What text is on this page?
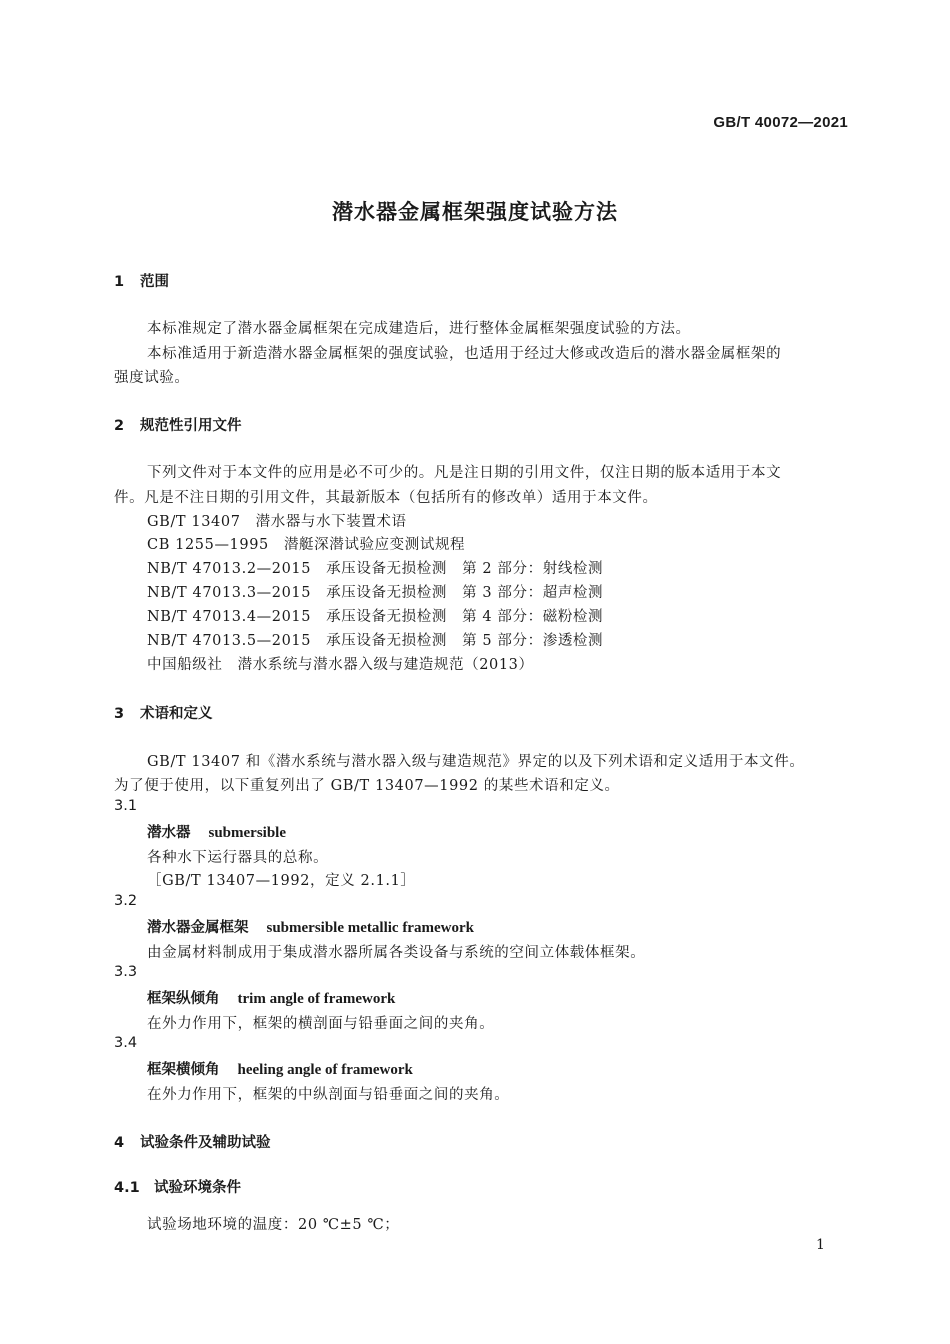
GB/T 40072—2021
潜水器金属框架强度试验方法
1 范围
本标准规定了潜水器金属框架在完成建造后，进行整体金属框架强度试验的方法。
本标准适用于新造潜水器金属框架的强度试验，也适用于经过大修或改造后的潜水器金属框架的
强度试验。
2 规范性引用文件
下列文件对于本文件的应用是必不可少的。凡是注日期的引用文件，仅注日期的版本适用于本文
件。凡是不注日期的引用文件，其最新版本（包括所有的修改单）适用于本文件。
GB/T 13407　潜水器与水下装置术语
CB 1255—1995　潜艇深潜试验应变测试规程
NB/T 47013.2—2015　承压设备无损检测　第 2 部分：射线检测
NB/T 47013.3—2015　承压设备无损检测　第 3 部分：超声检测
NB/T 47013.4—2015　承压设备无损检测　第 4 部分：磁粉检测
NB/T 47013.5—2015　承压设备无损检测　第 5 部分：渗透检测
中国船级社　潜水系统与潜水器入级与建造规范（2013）
3 术语和定义
GB/T 13407 和《潜水系统与潜水器入级与建造规范》界定的以及下列术语和定义适用于本文件。
为了便于使用，以下重复列出了 GB/T 13407—1992 的某些术语和定义。
3.1
潜水器 submersible
各种水下运行器具的总称。
［GB/T 13407—1992，定义 2.1.1］
3.2
潜水器金属框架 submersible metallic framework
由金属材料制成用于集成潜水器所属各类设备与系统的空间立体载体框架。
3.3
框架纵倾角 trim angle of framework
在外力作用下，框架的横剖面与铅垂面之间的夹角。
3.4
框架横倾角 heeling angle of framework
在外力作用下，框架的中纵剖面与铅垂面之间的夹角。
4 试验条件及辅助试验
4.1 试验环境条件
试验场地环境的温度：20 ℃±5 ℃；
1
